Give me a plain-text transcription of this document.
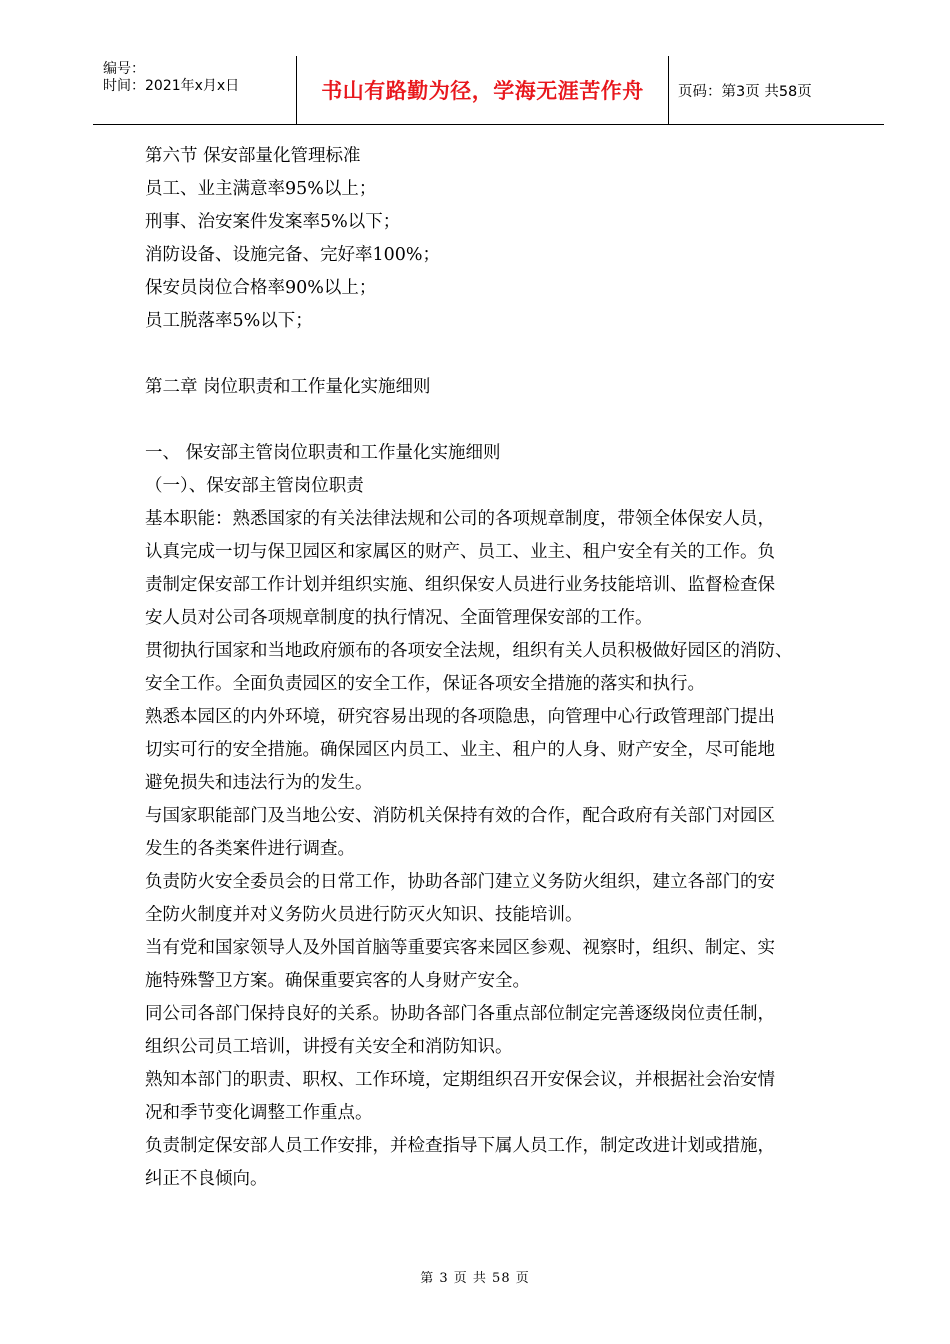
编号：
时间：2021年x月x日	书山有路勤为径，学海无涯苦作舟 页码：第3页 共58页
第六节 保安部量化管理标准
员工、业主满意率95%以上；
刑事、治安案件发案率5%以下；
消防设备、设施完备、完好率100%；
保安员岗位合格率90%以上；
员工脱落率5%以下；
第二章 岗位职责和工作量化实施细则
一、 保安部主管岗位职责和工作量化实施细则
（一）、保安部主管岗位职责
基本职能：熟悉国家的有关法律法规和公司的各项规章制度，带领全体保安人员，
认真完成一切与保卫园区和家属区的财产、员工、业主、租户安全有关的工作。负
责制定保安部工作计划并组织实施、组织保安人员进行业务技能培训、监督检查保
安人员对公司各项规章制度的执行情况、全面管理保安部的工作。
贯彻执行国家和当地政府颁布的各项安全法规，组织有关人员积极做好园区的消防、
安全工作。全面负责园区的安全工作，保证各项安全措施的落实和执行。
熟悉本园区的内外环境，研究容易出现的各项隐患，向管理中心行政管理部门提出
切实可行的安全措施。确保园区内员工、业主、租户的人身、财产安全，尽可能地
避免损失和违法行为的发生。
与国家职能部门及当地公安、消防机关保持有效的合作，配合政府有关部门对园区
发生的各类案件进行调查。
负责防火安全委员会的日常工作，协助各部门建立义务防火组织，建立各部门的安
全防火制度并对义务防火员进行防灭火知识、技能培训。
当有党和国家领导人及外国首脑等重要宾客来园区参观、视察时，组织、制定、实
施特殊警卫方案。确保重要宾客的人身财产安全。
同公司各部门保持良好的关系。协助各部门各重点部位制定完善逐级岗位责任制，
组织公司员工培训，讲授有关安全和消防知识。
熟知本部门的职责、职权、工作环境，定期组织召开安保会议，并根据社会治安情
况和季节变化调整工作重点。
负责制定保安部人员工作安排，并检查指导下属人员工作，制定改进计划或措施，
纠正不良倾向。
第 3 页 共 58 页
